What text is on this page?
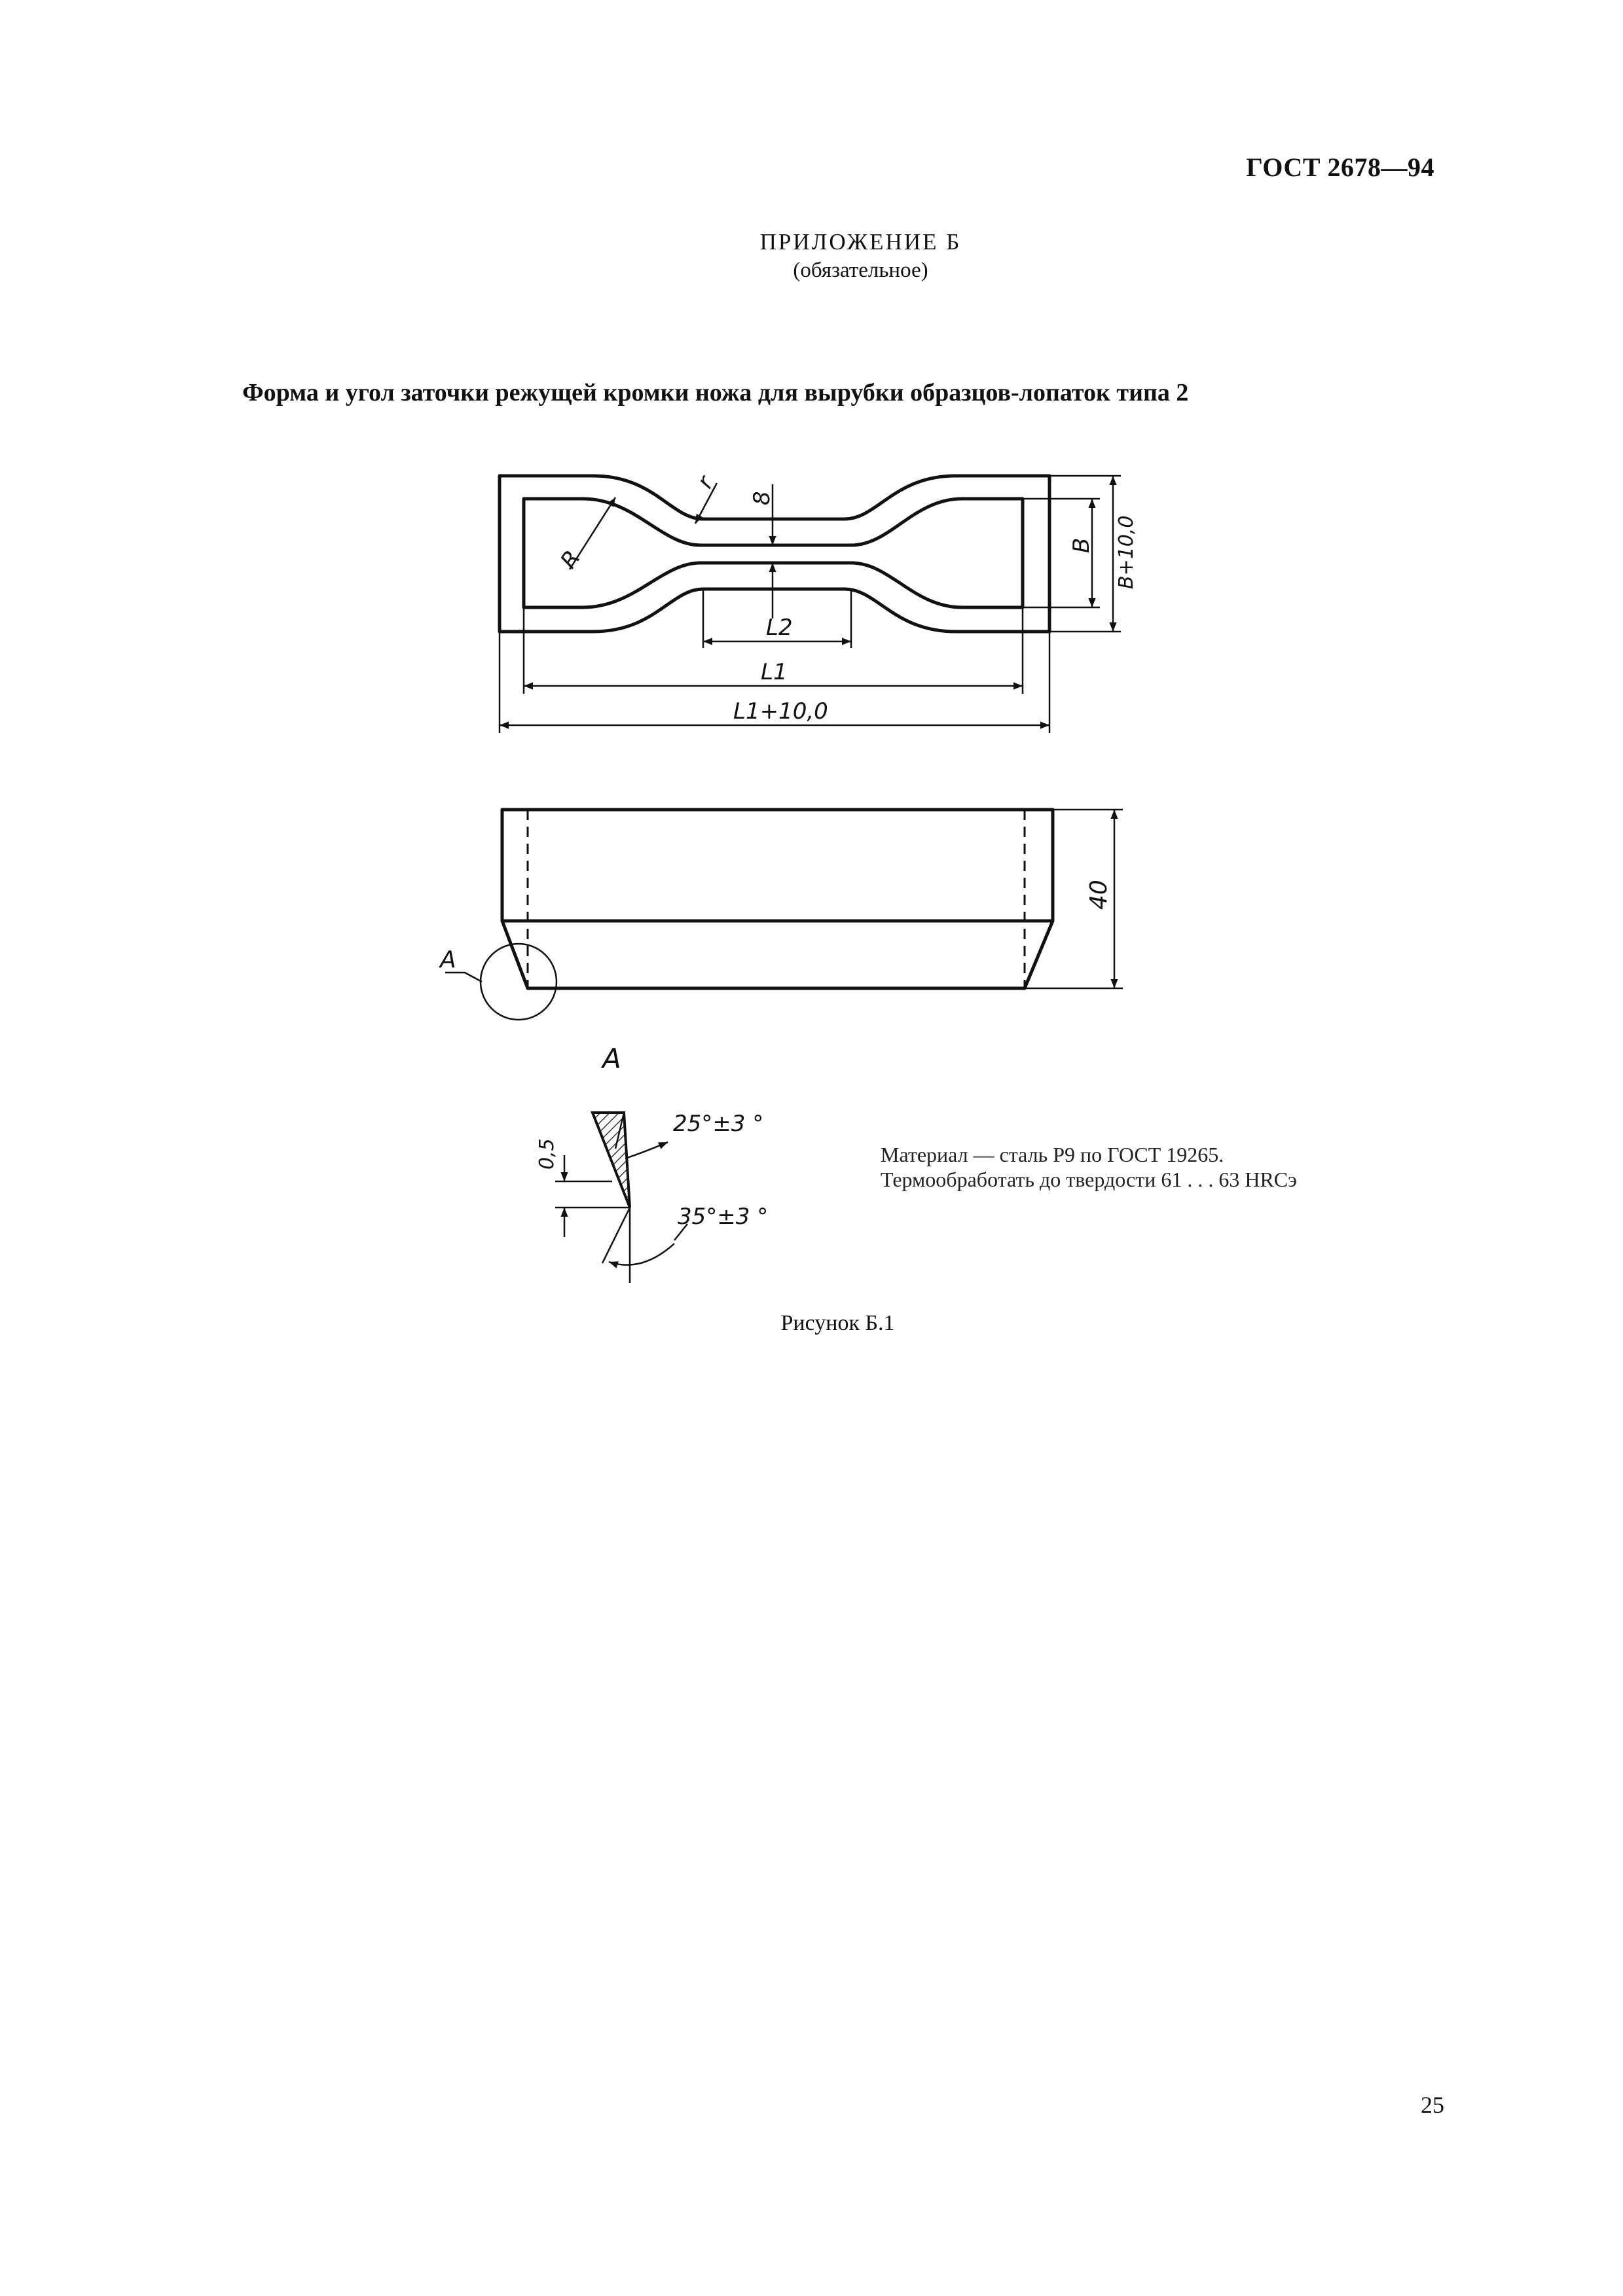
ГОСТ 2678—94
ПРИЛОЖЕНИЕ Б
(обязательное)
Форма и угол заточки режущей кромки ножа для вырубки образцов-лопаток типа 2
R
r
8
L2
L1
L1+10,0
B B+10,0
40
A
A
0,5
25°±3 °
35°±3 °
Материал — сталь Р9 по ГОСТ 19265.
Термообработать до твердости 61 . . . 63 HRCэ
Рисунок Б.1
25
